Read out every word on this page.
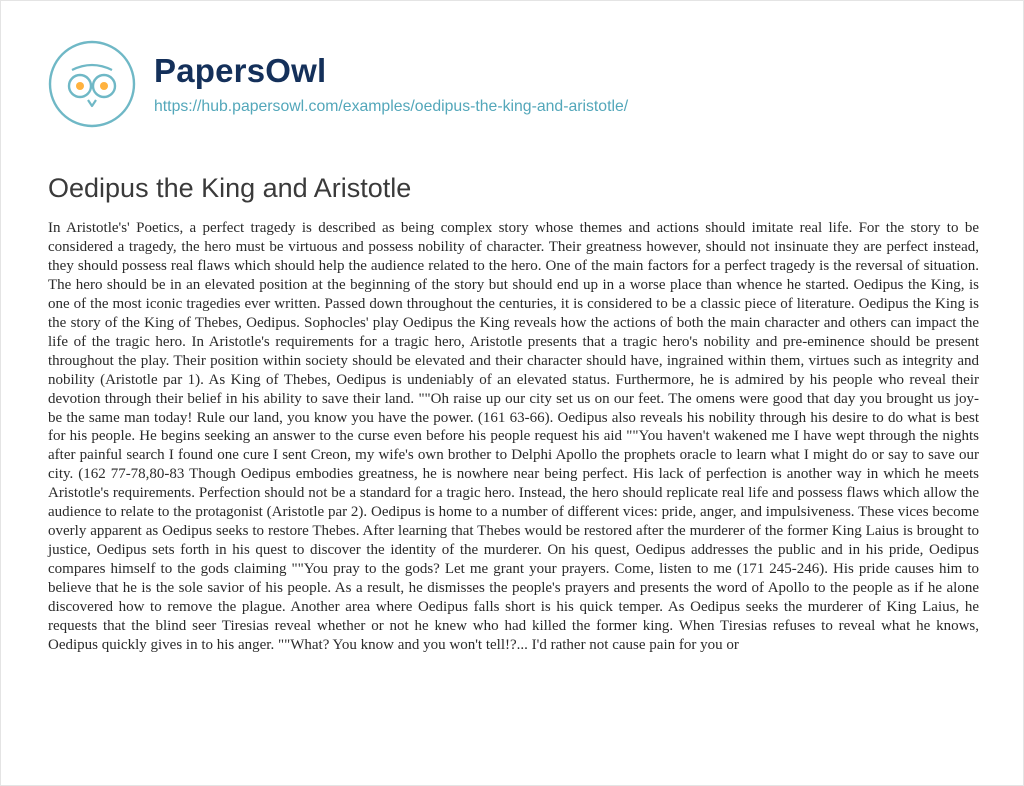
PapersOwl
https://hub.papersowl.com/examples/oedipus-the-king-and-aristotle/
Oedipus the King and Aristotle

In Aristotle's' Poetics, a perfect tragedy is described as being complex story whose themes and actions should imitate real life. For the story to be considered a tragedy, the hero must be virtuous and possess nobility of character. Their greatness however, should not insinuate they are perfect instead, they should possess real flaws which should help the audience related to the hero. One of the main factors for a perfect tragedy is the reversal of situation. The hero should be in an elevated position at the beginning of the story but should end up in a worse place than whence he started. Oedipus the King, is one of the most iconic tragedies ever written. Passed down throughout the centuries, it is considered to be a classic piece of literature. Oedipus the King is the story of the King of Thebes, Oedipus. Sophocles' play Oedipus the King reveals how the actions of both the main character and others can impact the life of the tragic hero. In Aristotle's requirements for a tragic hero, Aristotle presents that a tragic hero's nobility and pre-eminence should be present throughout the play. Their position within society should be elevated and their character should have, ingrained within them, virtues such as integrity and nobility (Aristotle par 1). As King of Thebes, Oedipus is undeniably of an elevated status. Furthermore, he is admired by his people who reveal their devotion through their belief in his ability to save their land. ""Oh raise up our city set us on our feet. The omens were good that day you brought us joy- be the same man today! Rule our land, you know you have the power. (161 63-66). Oedipus also reveals his nobility through his desire to do what is best for his people. He begins seeking an answer to the curse even before his people request his aid ""You haven't wakened me I have wept through the nights after painful search I found one cure I sent Creon, my wife's own brother to Delphi Apollo the prophets oracle to learn what I might do or say to save our city. (162 77-78,80-83 Though Oedipus embodies greatness, he is nowhere near being perfect. His lack of perfection is another way in which he meets Aristotle's requirements. Perfection should not be a standard for a tragic hero. Instead, the hero should replicate real life and possess flaws which allow the audience to relate to the protagonist (Aristotle par 2). Oedipus is home to a number of different vices: pride, anger, and impulsiveness. These vices become overly apparent as Oedipus seeks to restore Thebes. After learning that Thebes would be restored after the murderer of the former King Laius is brought to justice, Oedipus sets forth in his quest to discover the identity of the murderer. On his quest, Oedipus addresses the public and in his pride, Oedipus compares himself to the gods claiming ""You pray to the gods? Let me grant your prayers. Come, listen to me (171 245-246). His pride causes him to believe that he is the sole savior of his people. As a result, he dismisses the people's prayers and presents the word of Apollo to the people as if he alone discovered how to remove the plague. Another area where Oedipus falls short is his quick temper. As Oedipus seeks the murderer of King Laius, he requests that the blind seer Tiresias reveal whether or not he knew who had killed the former king. When Tiresias refuses to reveal what he knows, Oedipus quickly gives in to his anger. ""What? You know and you won't tell!?... I'd rather not cause pain for you or
